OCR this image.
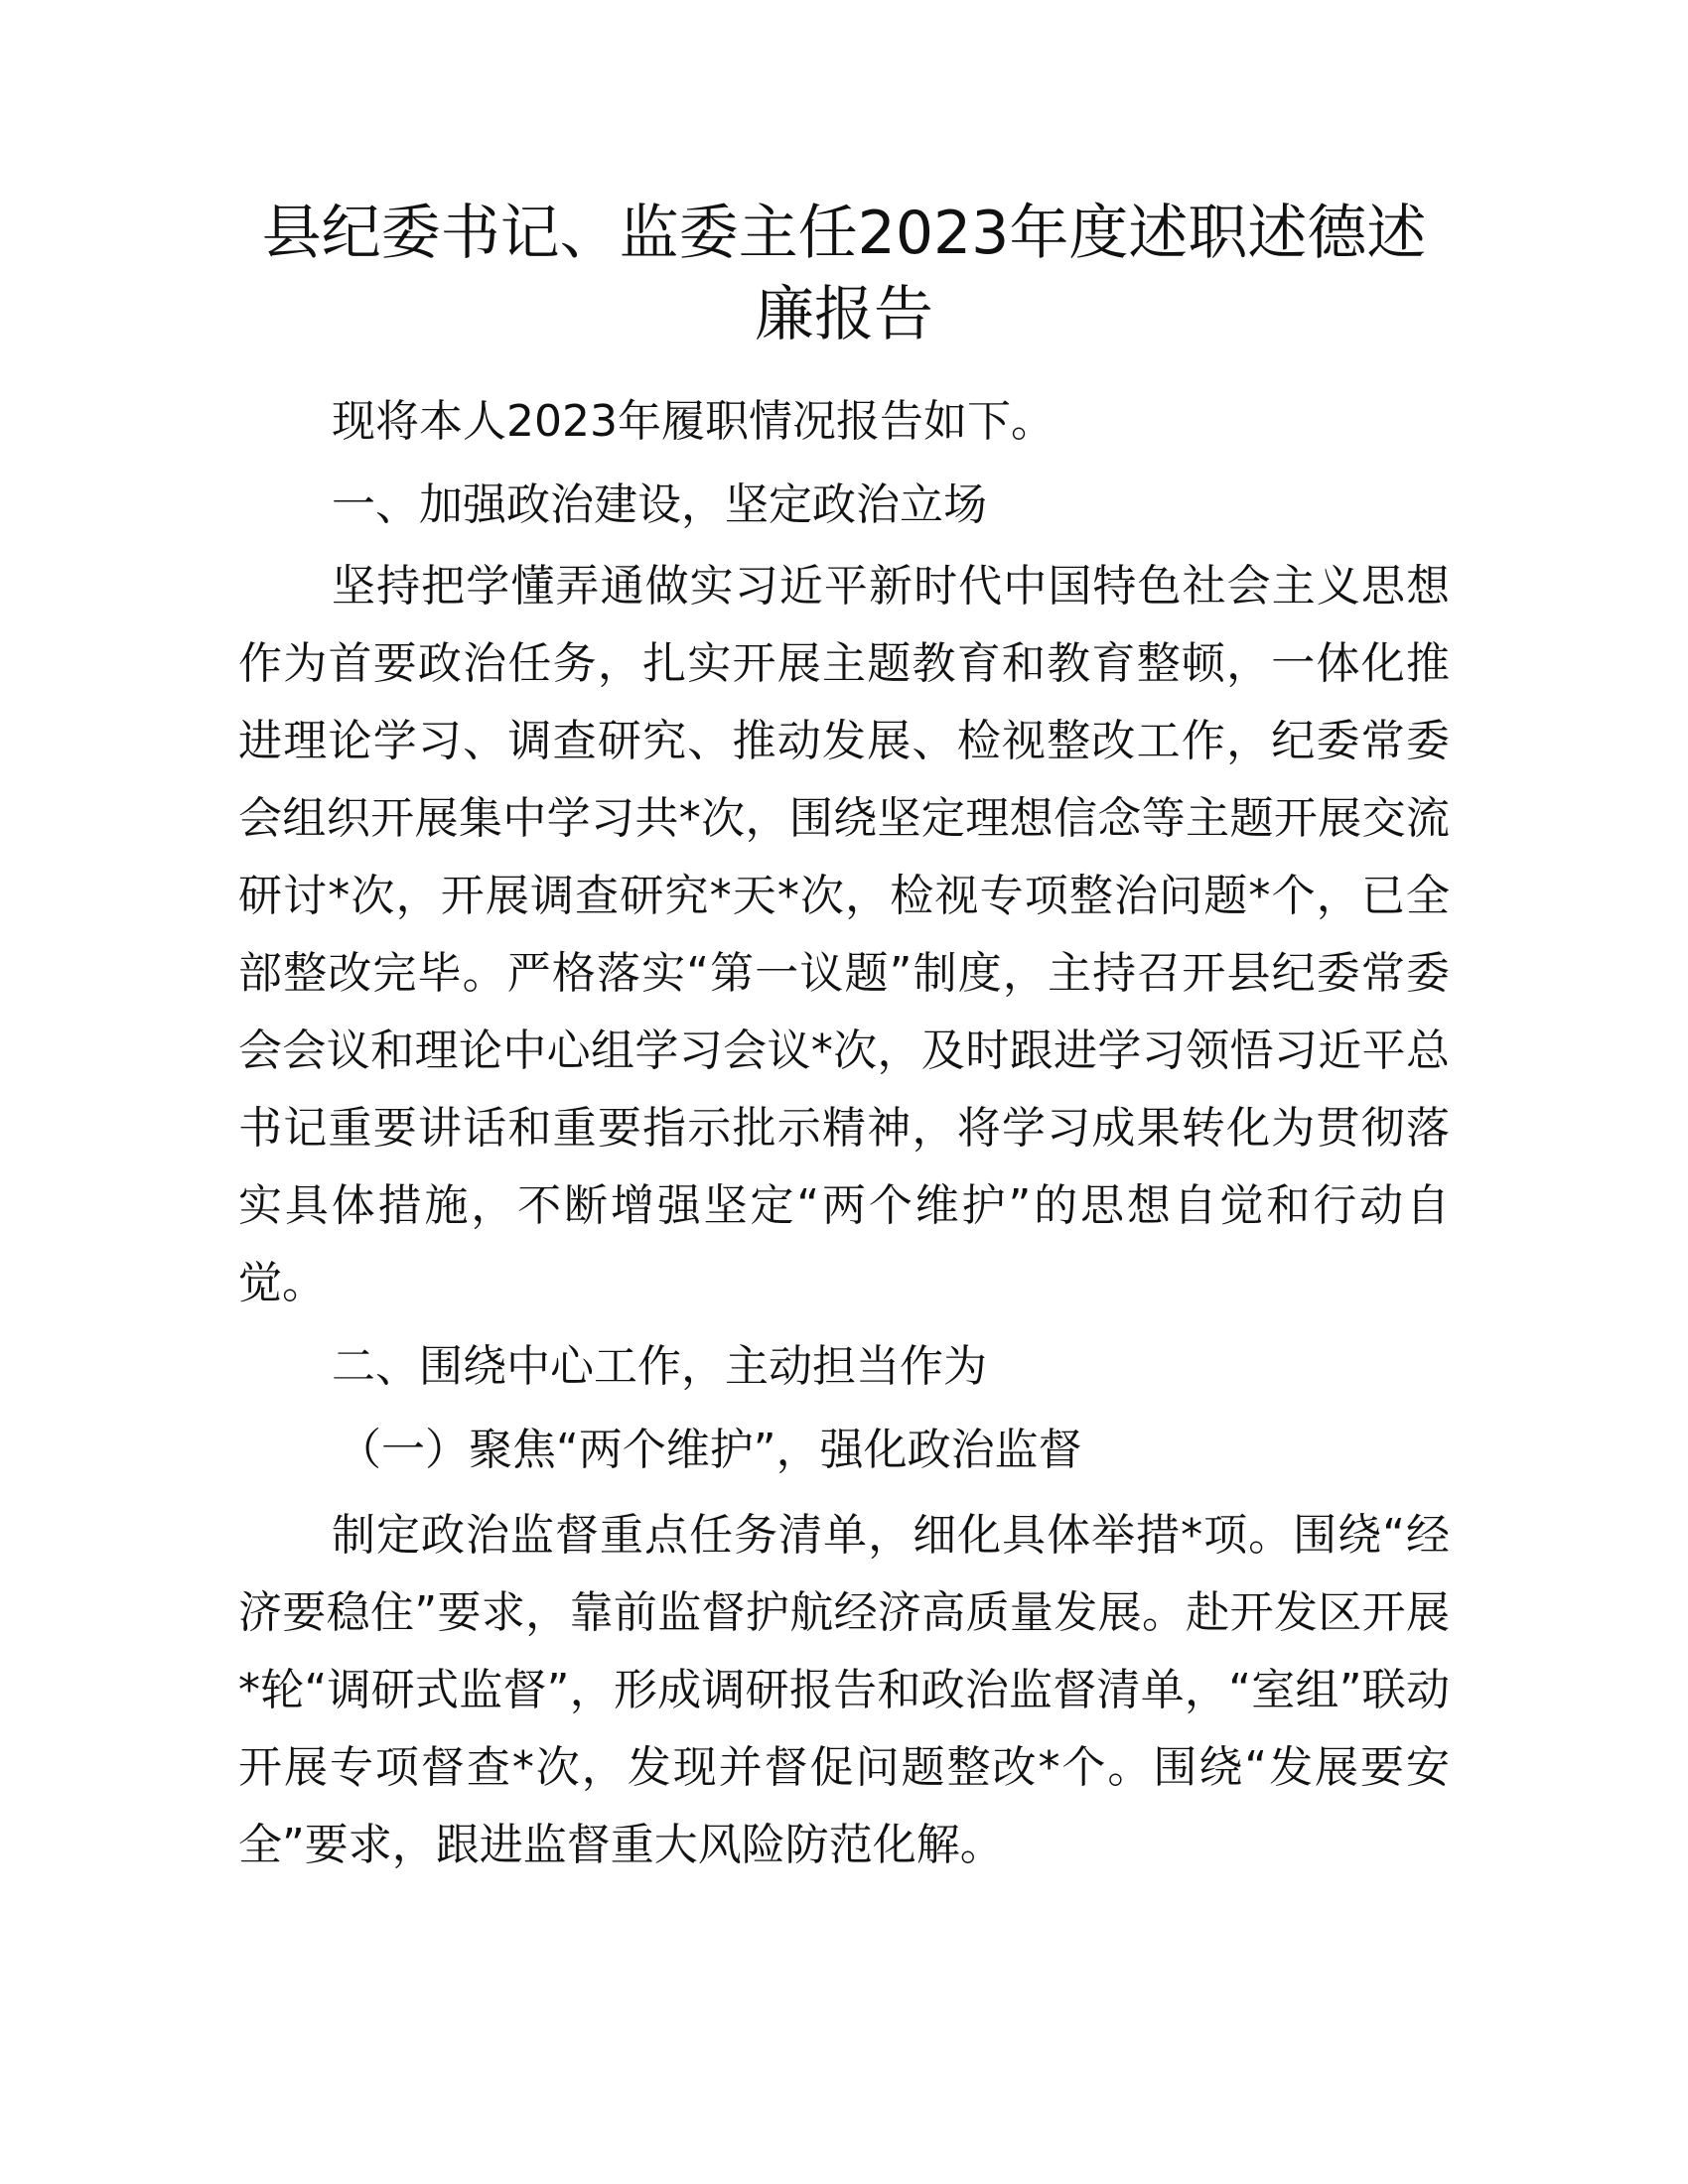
县纪委书记、监委主任2023年度述职述德述廉报告

现将本人2023年履职情况报告如下。

一、加强政治建设，坚定政治立场

坚持把学懂弄通做实习近平新时代中国特色社会主义思想作为首要政治任务，扎实开展主题教育和教育整顿，一体化推进理论学习、调查研究、推动发展、检视整改工作，纪委常委会组织开展集中学习共*次，围绕坚定理想信念等主题开展交流研讨*次，开展调查研究*天*次，检视专项整治问题*个，已全部整改完毕。严格落实“第一议题”制度，主持召开县纪委常委会会议和理论中心组学习会议*次，及时跟进学习领悟习近平总书记重要讲话和重要指示批示精神，将学习成果转化为贯彻落实具体措施，不断增强坚定“两个维护”的思想自觉和行动自觉。

二、围绕中心工作，主动担当作为

（一）聚焦“两个维护”，强化政治监督

制定政治监督重点任务清单，细化具体举措*项。围绕“经济要稳住”要求，靠前监督护航经济高质量发展。赴开发区开展*轮“调研式监督”，形成调研报告和政治监督清单，“室组”联动开展专项督查*次，发现并督促问题整改*个。围绕“发展要安全”要求，跟进监督重大风险防范化解。
